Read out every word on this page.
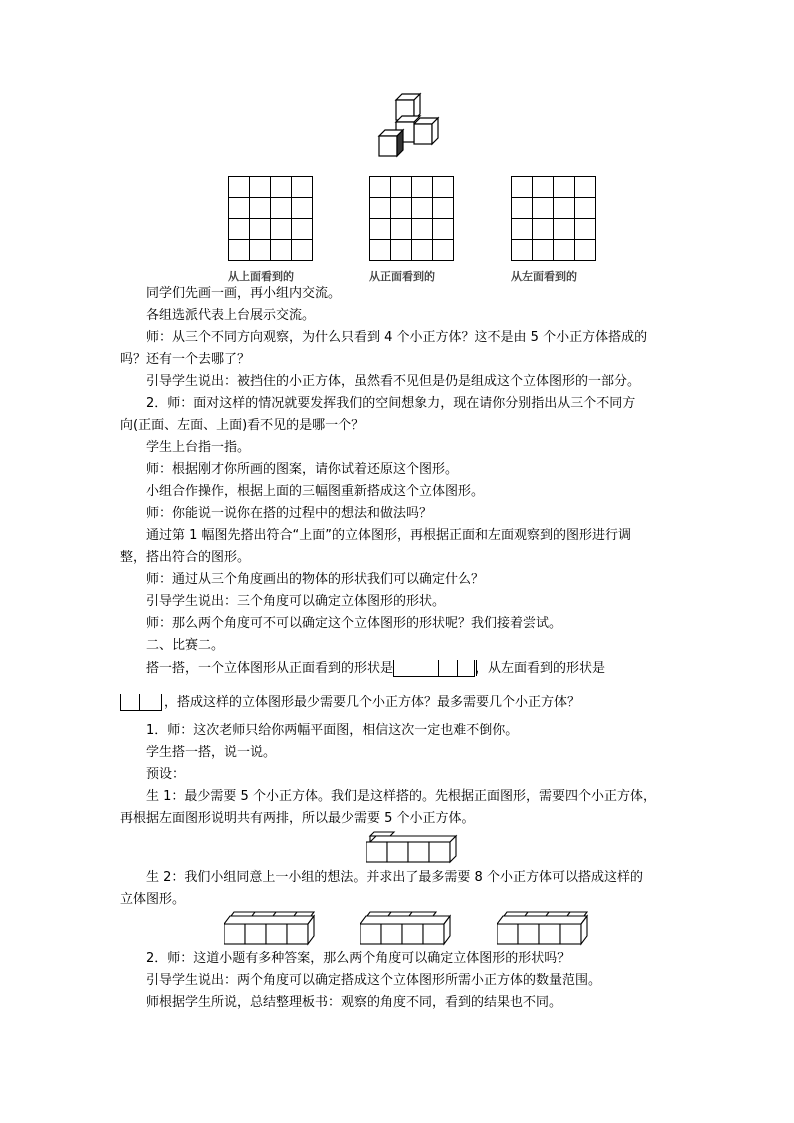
从上面看到的	从正面看到的	从左面看到的
同学们先画一画，再小组内交流。
各组选派代表上台展示交流。
师：从三个不同方向观察，为什么只看到 4 个小正方体？这不是由 5 个小正方体搭成的
吗？还有一个去哪了？
引导学生说出：被挡住的小正方体，虽然看不见但是仍是组成这个立体图形的一部分。
2．师：面对这样的情况就要发挥我们的空间想象力，现在请你分别指出从三个不同方
向(正面、左面、上面)看不见的是哪一个？
学生上台指一指。
师：根据刚才你所画的图案，请你试着还原这个图形。
小组合作操作，根据上面的三幅图重新搭成这个立体图形。
师：你能说一说你在搭的过程中的想法和做法吗？
通过第 1 幅图先搭出符合“上面”的立体图形，再根据正面和左面观察到的图形进行调
整，搭出符合的图形。
师：通过从三个角度画出的物体的形状我们可以确定什么？
引导学生说出：三个角度可以确定立体图形的形状。
师：那么两个角度可不可以确定这个立体图形的形状呢？我们接着尝试。
二、比赛二。
搭一搭，一个立体图形从正面看到的形状是	，从左面看到的形状是
，搭成这样的立体图形最少需要几个小正方体？最多需要几个小正方体？
1．师：这次老师只给你两幅平面图，相信这次一定也难不倒你。
学生搭一搭，说一说。
预设：
生 1：最少需要 5 个小正方体。我们是这样搭的。先根据正面图形，需要四个小正方体，
再根据左面图形说明共有两排，所以最少需要 5 个小正方体。
生 2：我们小组同意上一小组的想法。并求出了最多需要 8 个小正方体可以搭成这样的
立体图形。
2．师：这道小题有多种答案，那么两个角度可以确定立体图形的形状吗？
引导学生说出：两个角度可以确定搭成这个立体图形所需小正方体的数量范围。
师根据学生所说，总结整理板书：观察的角度不同，看到的结果也不同。
